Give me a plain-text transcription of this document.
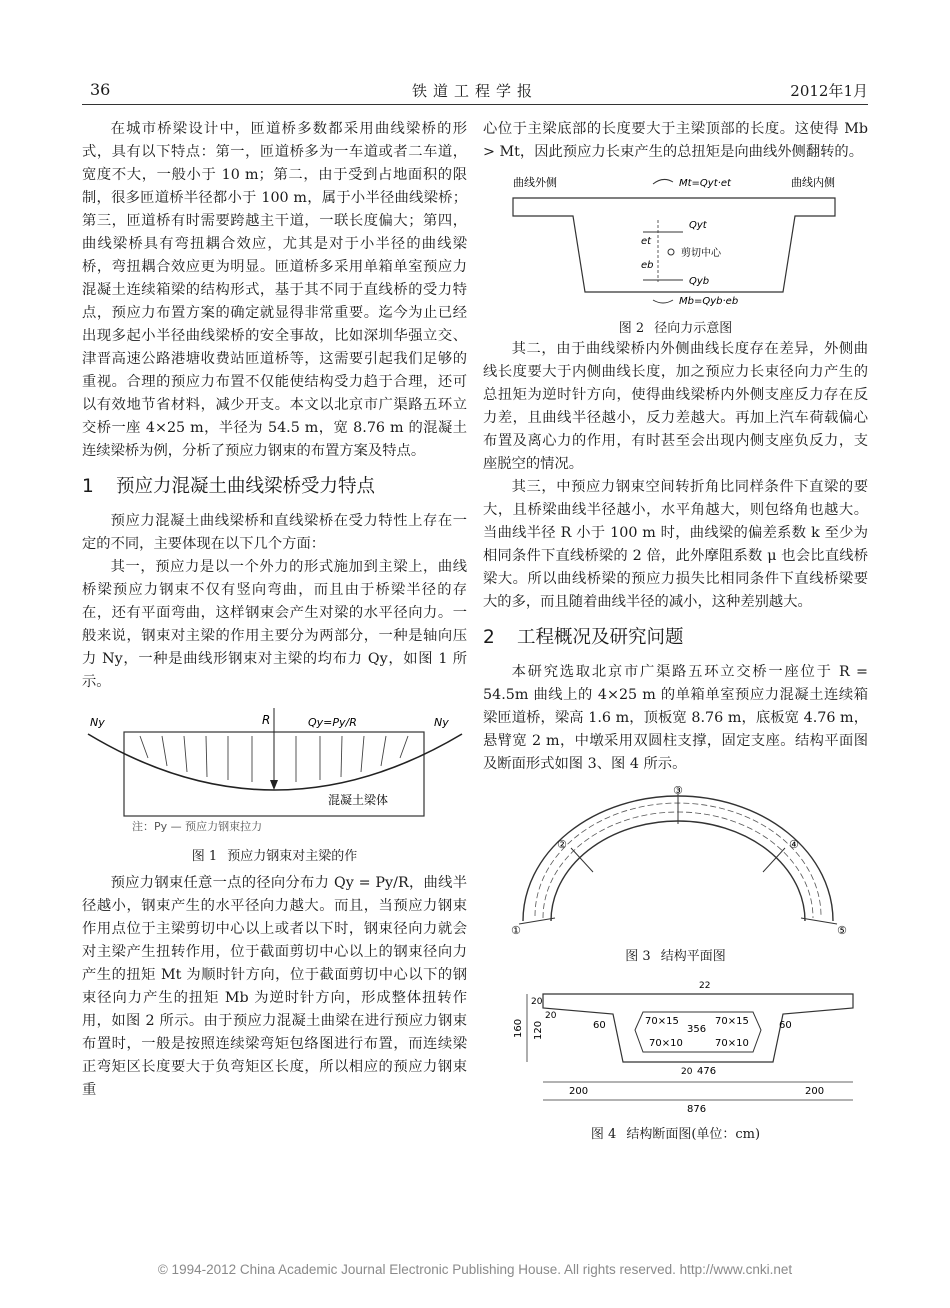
36	铁道工程学报	2012年1月

在城市桥梁设计中，匝道桥多数都采用曲线梁桥的形式，具有以下特点：第一，匝道桥多为一车道或者二车道，宽度不大，一般小于 10 m；第二，由于受到占地面积的限制，很多匝道桥半径都小于 100 m，属于小半径曲线梁桥；第三，匝道桥有时需要跨越主干道，一联长度偏大；第四，曲线梁桥具有弯扭耦合效应，尤其是对于小半径的曲线梁桥，弯扭耦合效应更为明显。匝道桥多采用单箱单室预应力混凝土连续箱梁的结构形式，基于其不同于直线桥的受力特点，预应力布置方案的确定就显得非常重要。迄今为止已经出现多起小半径曲线梁桥的安全事故，比如深圳华强立交、津晋高速公路港塘收费站匝道桥等，这需要引起我们足够的重视。合理的预应力布置不仅能使结构受力趋于合理，还可以有效地节省材料，减少开支。本文以北京市广渠路五环立交桥一座 4×25 m，半径为 54.5 m，宽 8.76 m 的混凝土连续梁桥为例，分析了预应力钢束的布置方案及特点。

1 预应力混凝土曲线梁桥受力特点

预应力混凝土曲线梁桥和直线梁桥在受力特性上存在一定的不同，主要体现在以下几个方面：

其一，预应力是以一个外力的形式施加到主梁上，曲线桥梁预应力钢束不仅有竖向弯曲，而且由于桥梁半径的存在，还有平面弯曲，这样钢束会产生对梁的水平径向力。一般来说，钢束对主梁的作用主要分为两部分，一种是轴向压力 Ny，一种是曲线形钢束对主梁的均布力 Qy，如图 1 所示。

R
Ny	Ny
Qy=Py/R
混凝土梁体
注：Py — 预应力钢束拉力
图 1 预应力钢束对主梁的作

预应力钢束任意一点的径向分布力 Qy = Py/R，曲线半径越小，钢束产生的水平径向力越大。而且，当预应力钢束作用点位于主梁剪切中心以上或者以下时，钢束径向力就会对主梁产生扭转作用，位于截面剪切中心以上的钢束径向力产生的扭矩 Mt 为顺时针方向，位于截面剪切中心以下的钢束径向力产生的扭矩 Mb 为逆时针方向，形成整体扭转作用，如图 2 所示。由于预应力混凝土曲梁在进行预应力钢束布置时，一般是按照连续梁弯矩包络图进行布置，而连续梁正弯矩区长度要大于负弯矩区长度，所以相应的预应力钢束重

心位于主梁底部的长度要大于主梁顶部的长度。这使得 Mb > Mt，因此预应力长束产生的总扭矩是向曲线外侧翻转的。

曲线外侧	曲线内侧
Mt=Qyt·et
Qyt
et
剪切中心
eb
Qyb
Mb=Qyb·eb
图 2 径向力示意图

其二，由于曲线梁桥内外侧曲线长度存在差异，外侧曲线长度要大于内侧曲线长度，加之预应力长束径向力产生的总扭矩为逆时针方向，使得曲线梁桥内外侧支座反力存在反力差，且曲线半径越小，反力差越大。再加上汽车荷载偏心布置及离心力的作用，有时甚至会出现内侧支座负反力，支座脱空的情况。

其三，中预应力钢束空间转折角比同样条件下直梁的要大，且桥梁曲线半径越小，水平角越大，则包络角也越大。当曲线半径 R 小于 100 m 时，曲线梁的偏差系数 k 至少为相同条件下直线桥梁的 2 倍，此外摩阻系数 μ 也会比直线桥梁大。所以曲线桥梁的预应力损失比相同条件下直线桥梁要大的多，而且随着曲线半径的减小，这种差别越大。

2 工程概况及研究问题

本研究选取北京市广渠路五环立交桥一座位于 R = 54.5m 曲线上的 4×25 m 的单箱单室预应力混凝土连续箱梁匝道桥，梁高 1.6 m，顶板宽 8.76 m，底板宽 4.76 m，悬臂宽 2 m，中墩采用双圆柱支撑，固定支座。结构平面图及断面形式如图 3、图 4 所示。

①
②
③
④
⑤
图 3 结构平面图
160 120
20
20
22
60	60
70×15
356
70×15
70×10	70×10
20 476
200	200
876
图 4 结构断面图(单位：cm)
© 1994-2012 China Academic Journal Electronic Publishing House. All rights reserved. http://www.cnki.net
